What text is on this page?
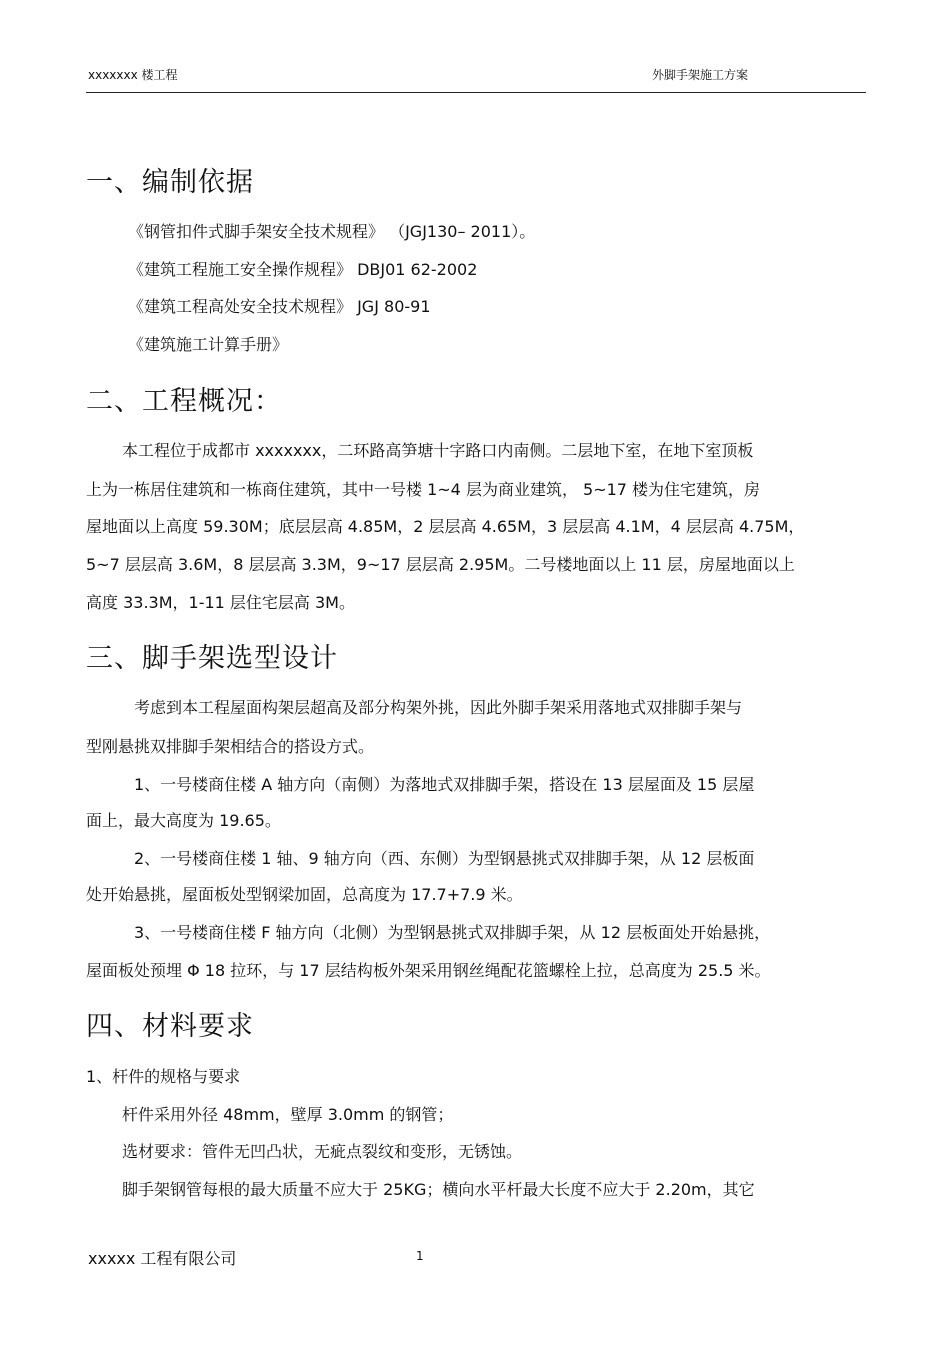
xxxxxxx 楼工程	外脚手架施工方案
一、编制依据
《钢管扣件式脚手架安全技术规程》 （JGJ130– 2011）。
《建筑工程施工安全操作规程》 DBJ01 62-2002
《建筑工程高处安全技术规程》 JGJ 80-91
《建筑施工计算手册》
二、工程概况：
本工程位于成都市 xxxxxxx，二环路高笋塘十字路口内南侧。二层地下室，在地下室顶板
上为一栋居住建筑和一栋商住建筑，其中一号楼 1~4 层为商业建筑， 5~17 楼为住宅建筑，房
屋地面以上高度 59.30M；底层层高 4.85M，2 层层高 4.65M，3 层层高 4.1M，4 层层高 4.75M，
5~7 层层高 3.6M，8 层层高 3.3M，9~17 层层高 2.95M。二号楼地面以上 11 层，房屋地面以上
高度 33.3M，1-11 层住宅层高 3M。
三、脚手架选型设计
考虑到本工程屋面构架层超高及部分构架外挑，因此外脚手架采用落地式双排脚手架与
型刚悬挑双排脚手架相结合的搭设方式。
1、一号楼商住楼 A 轴方向（南侧）为落地式双排脚手架，搭设在 13 层屋面及 15 层屋
面上，最大高度为 19.65。
2、一号楼商住楼 1 轴、9 轴方向（西、东侧）为型钢悬挑式双排脚手架，从 12 层板面
处开始悬挑，屋面板处型钢梁加固，总高度为 17.7+7.9 米。
3、一号楼商住楼 F 轴方向（北侧）为型钢悬挑式双排脚手架，从 12 层板面处开始悬挑，
屋面板处预埋 Φ 18 拉环，与 17 层结构板外架采用钢丝绳配花篮螺栓上拉，总高度为 25.5 米。
四、材料要求
1、杆件的规格与要求
杆件采用外径 48mm，壁厚 3.0mm 的钢管；
选材要求：管件无凹凸状，无疵点裂纹和变形，无锈蚀。
脚手架钢管每根的最大质量不应大于 25KG；横向水平杆最大长度不应大于 2.20m，其它
xxxxx 工程有限公司	1
